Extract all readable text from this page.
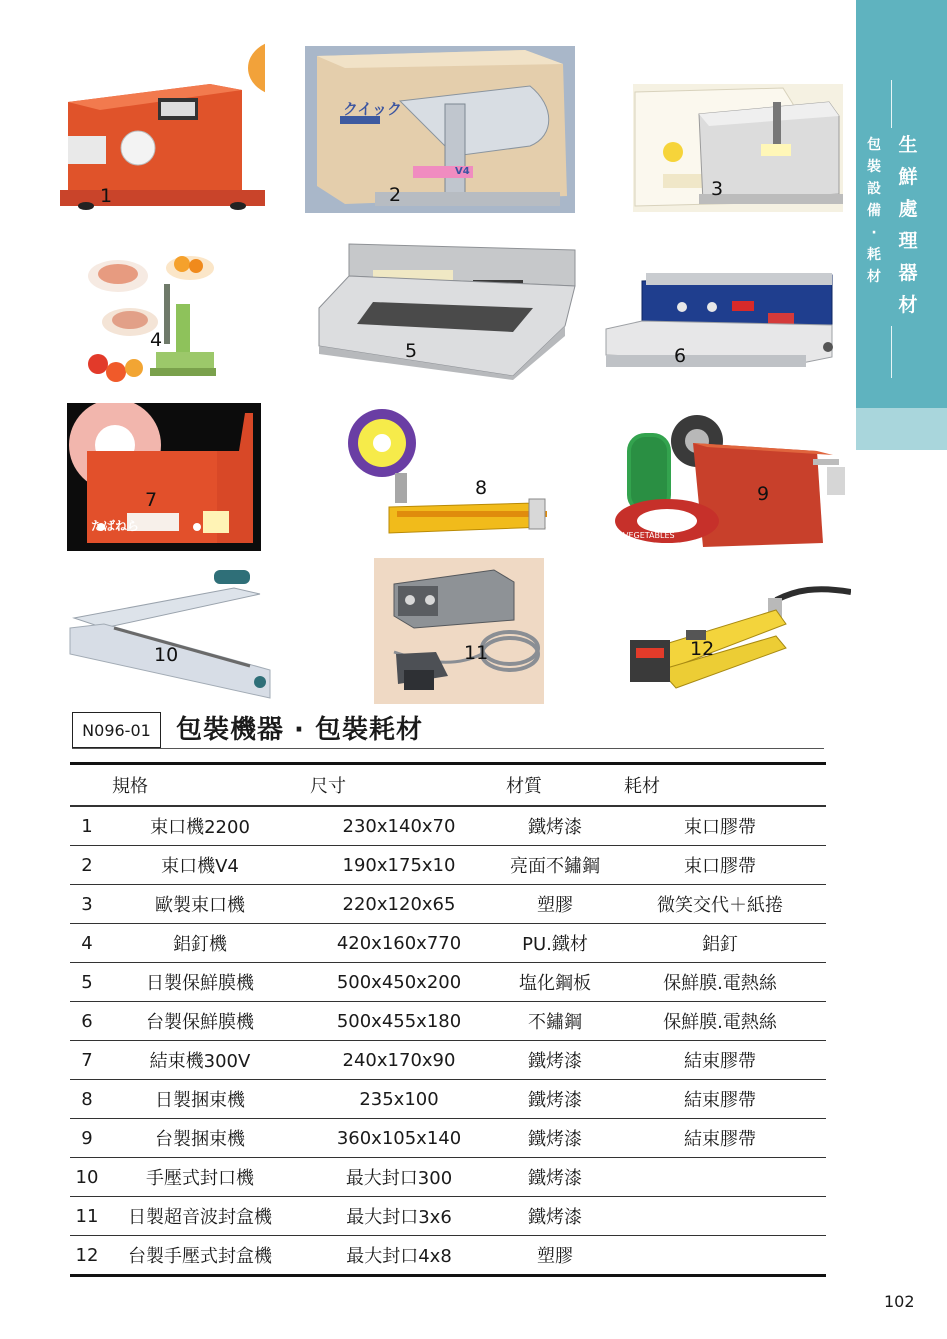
1
クイック
V4
2	3
4	5	6
たばねら
7
8
VEGETABLES
9
10	11	12
生
鮮
處
理
器
材
包
裝
設
備
·
耗
材
N096-01 包裝機器 · 包裝耗材
規格	尺寸	材質	耗材
1	束口機2200	230x140x70	鐵烤漆	束口膠帶
2	束口機V4	190x175x10	亮面不鏽鋼	束口膠帶
3	歐製束口機	220x120x65	塑膠	微笑交代＋紙捲
4	鋁釘機	420x160x770	PU.鐵材	鋁釘
5	日製保鮮膜機	500x450x200	塩化鋼板	保鮮膜.電熱絲
6	台製保鮮膜機	500x455x180	不鏽鋼	保鮮膜.電熱絲
7	結束機300V	240x170x90	鐵烤漆	結束膠帶
8	日製捆束機	235x100	鐵烤漆	結束膠帶
9	台製捆束機	360x105x140	鐵烤漆	結束膠帶
10	手壓式封口機	最大封口300	鐵烤漆
11	日製超音波封盒機	最大封口3x6	鐵烤漆
12	台製手壓式封盒機	最大封口4x8	塑膠
102
